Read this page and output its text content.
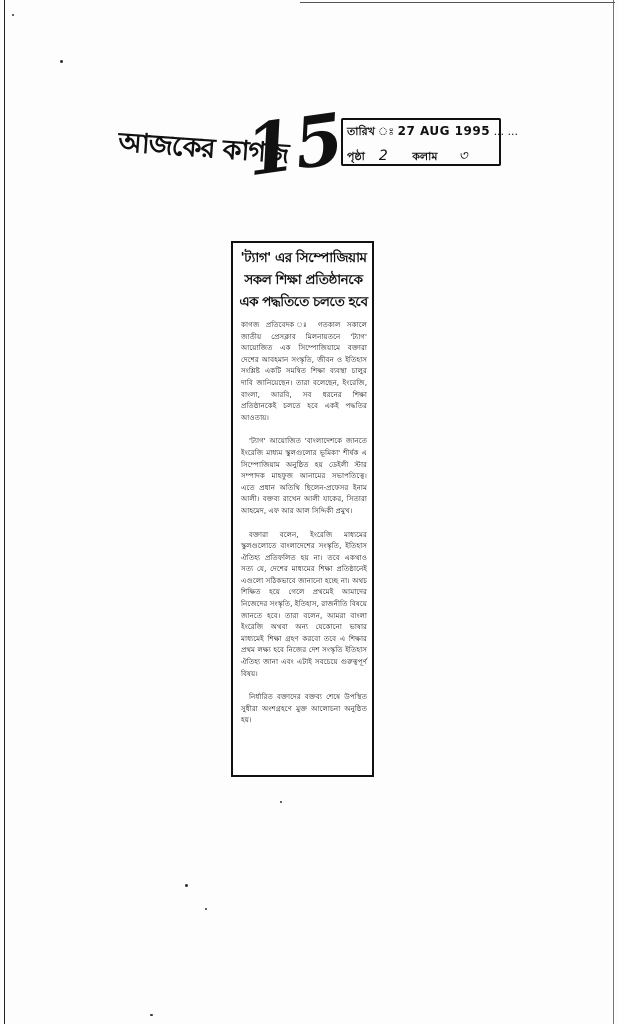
আজকের কাগজ
15
তারিখ ঃ 27 AUG 1995 ... ...
পৃষ্ঠা 2 কলাম ৩
'ট্যাগ' এর সিম্পোজিয়াম সকল শিক্ষা প্রতিষ্ঠানকে এক পদ্ধতিতে চলতে হবে

কাগজ প্রতিবেদক ঃ গতকাল সকালে জাতীয় প্রেসক্লাব মিলনায়তনে 'ট্যাগ' আয়োজিত এক সিম্পোজিয়ামে বক্তারা দেশের আবহমান সংস্কৃতি, জীবন ও ইতিহাস সংশ্লিষ্ট একটি সমন্বিত শিক্ষা ব্যবস্থা চালুর দাবি জানিয়েছেন। তারা বলেছেন, ইংরেজি, বাংলা, আরবি, সব ধরনের শিক্ষা প্রতিষ্ঠানকেই চলতে হবে একই পদ্ধতির আওতায়।

'ট্যাগ' আয়োজিত 'বাংলাদেশকে জানতে ইংরেজি মাধ্যম স্কুলগুলোর ভূমিকা' শীর্ষক এ সিম্পোজিয়াম অনুষ্ঠিত হয় ডেইলী স্টার সম্পাদক মাহফুজ আনামের সভাপতিত্বে। এতে প্রধান অতিথি ছিলেন-প্রফেসর ইনাম আলী। বক্তব্য রাখেন আলী যাকের, সিতারা আহমেদ, এফ আর আল সিদ্দিকী প্রমুখ।

বক্তারা বলেন, ইংরেজি মাধ্যমের স্কুলগুলোতে বাংলাদেশের সংস্কৃতি, ইতিহাস ঐতিহ্য প্রতিফলিত হয় না। তবে একথাও সত্য যে, দেশের মাধ্যমের শিক্ষা প্রতিষ্ঠানেই এগুলো সঠিকভাবে জানানো হচ্ছে না। অথচ শিক্ষিত হয়ে গেলে প্রথমেই আমাদের নিজেদের সংস্কৃতি, ইতিহাস, রাজনীতি বিষয়ে জানতে হবে। তারা বলেন, আমরা বাংলা ইংরেজি অথবা অন্য যেকোনো ভাষার মাধ্যমেই শিক্ষা গ্রহণ করবো তবে এ শিক্ষার প্রথম লক্ষ্য হবে নিজের দেশ সংস্কৃতি ইতিহাস ঐতিহ্য জানা এবং এটাই সবচেয়ে গুরুত্বপূর্ণ বিষয়।

নির্ধারিত বক্তাদের বক্তব্য শেষে উপস্থিত সুধীরা অংশগ্রহণে মুক্ত আলোচনা অনুষ্ঠিত হয়।
